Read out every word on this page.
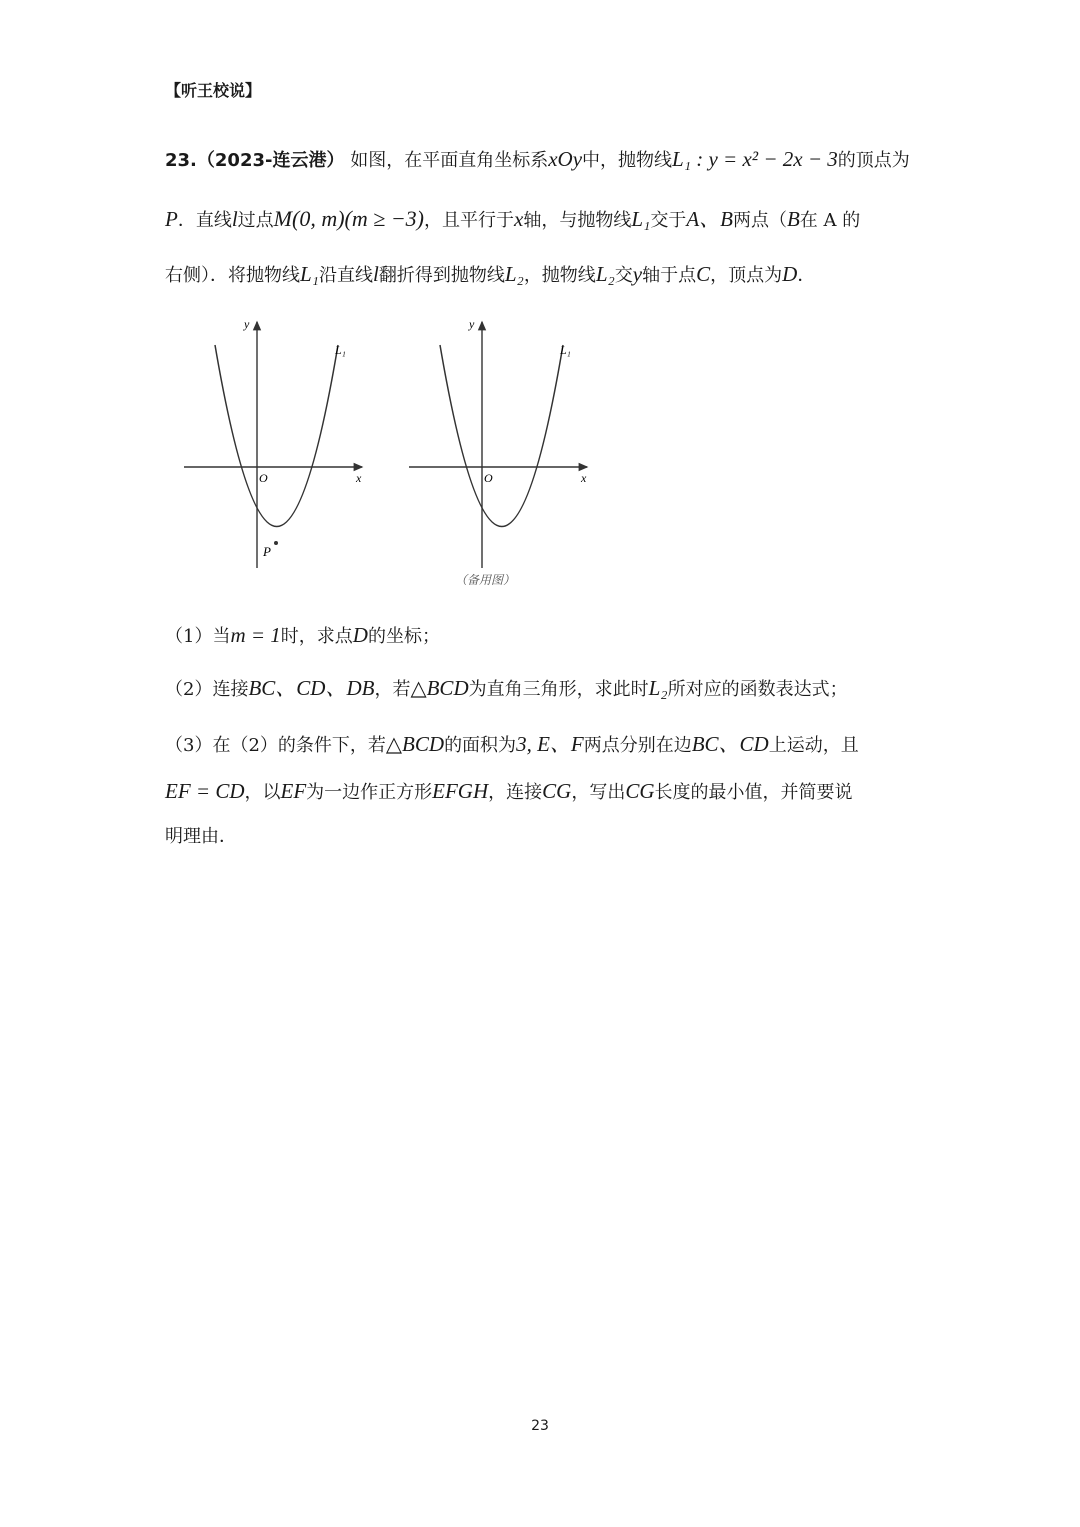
【听王校说】
23.（2023-连云港） 如图，在平面直角坐标系xOy中，抛物线L₁ : y = x² − 2x − 3的顶点为
P．直线l过点M(0, m)(m ≥ −3)，且平行于x轴，与抛物线L₁交于A、B两点（B在 A 的
右侧）．将抛物线L₁沿直线l翻折得到抛物线L₂，抛物线L₂交y轴于点C，顶点为D．
y
x
O
L₁
P
y
x
O
L₁
（备用图）
（1）当m = 1时，求点D的坐标；
（2）连接BC、CD、DB，若△BCD为直角三角形，求此时L₂所对应的函数表达式；
（3）在（2）的条件下，若△BCD的面积为3, E、F两点分别在边BC、CD上运动，且
EF = CD，以EF为一边作正方形EFGH，连接CG，写出CG长度的最小值，并简要说
明理由．
23
